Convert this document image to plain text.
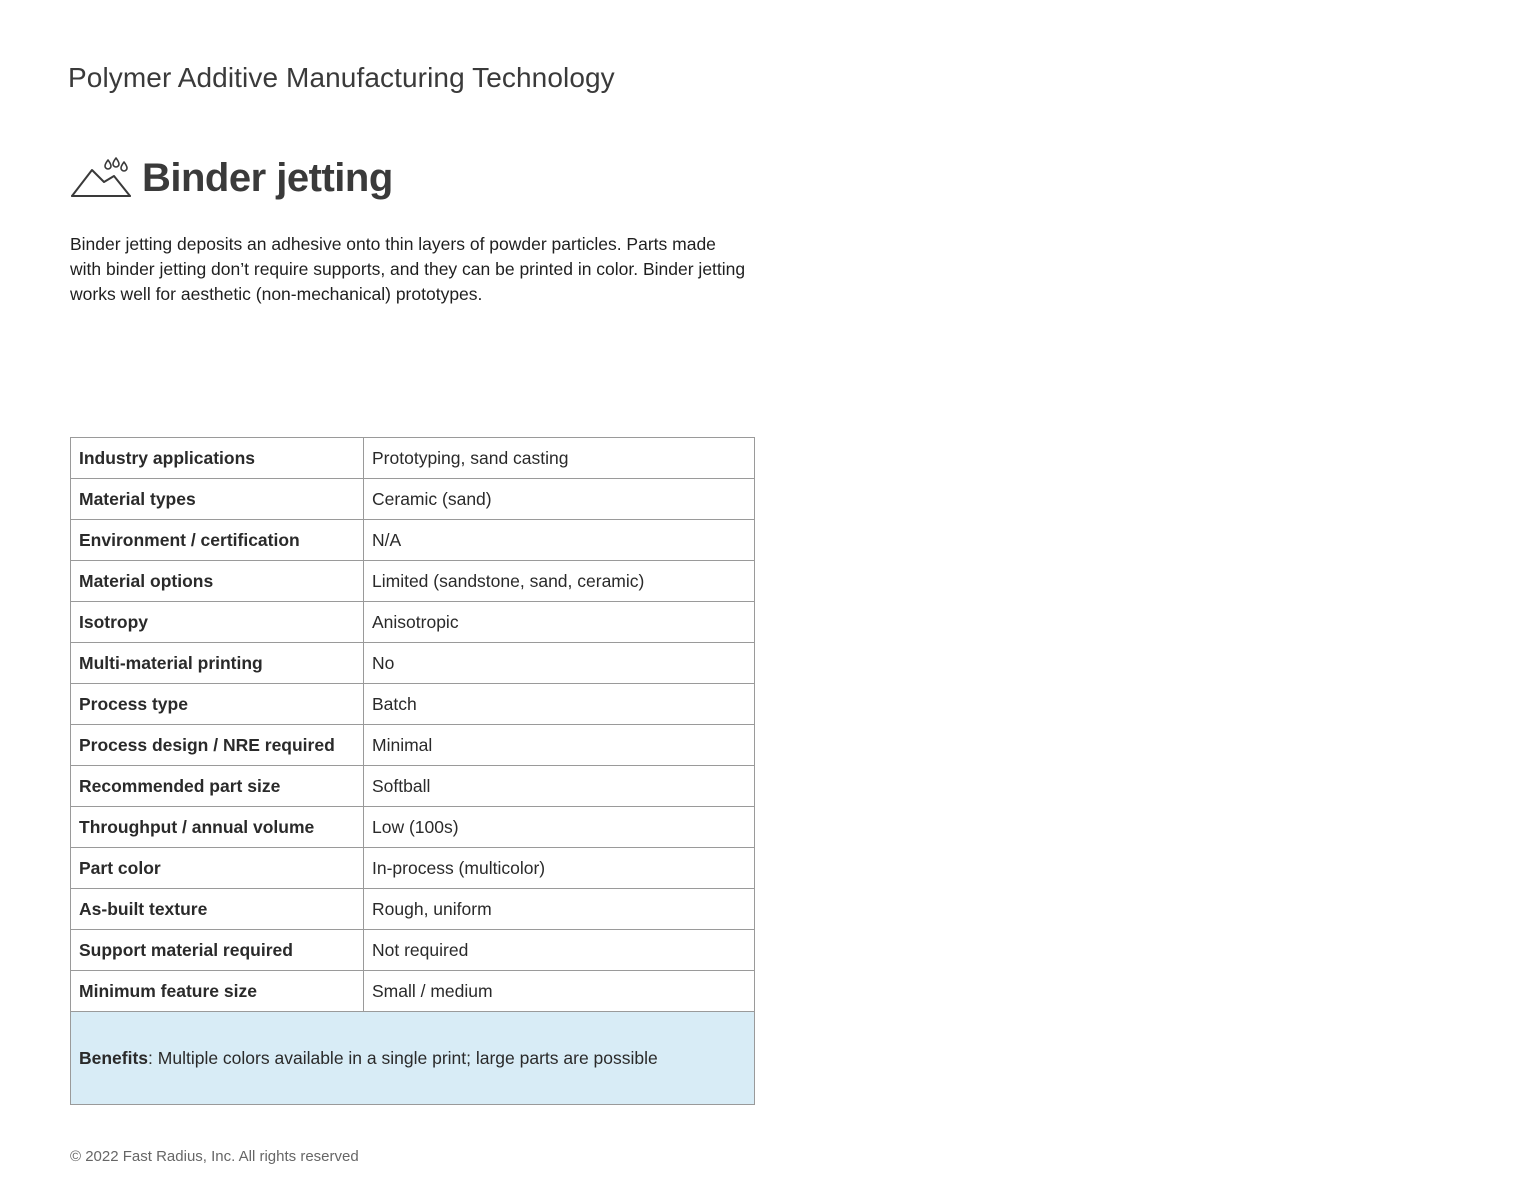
Polymer Additive Manufacturing Technology
Binder jetting

Binder jetting deposits an adhesive onto thin layers of powder particles. Parts made with binder jetting don’t require supports, and they can be printed in color. Binder jetting works well for aesthetic (non-mechanical) prototypes.

Industry applications	Prototyping, sand casting
Material types	Ceramic (sand)
Environment / certification	N/A
Material options	Limited (sandstone, sand, ceramic)
Isotropy	Anisotropic
Multi-material printing	No
Process type	Batch
Process design / NRE required	Minimal
Recommended part size	Softball
Throughput / annual volume	Low (100s)
Part color	In-process (multicolor)
As-built texture	Rough, uniform
Support material required	Not required
Minimum feature size	Small / medium
Benefits: Multiple colors available in a single print; large parts are possible	
© 2022 Fast Radius, Inc. All rights reserved
